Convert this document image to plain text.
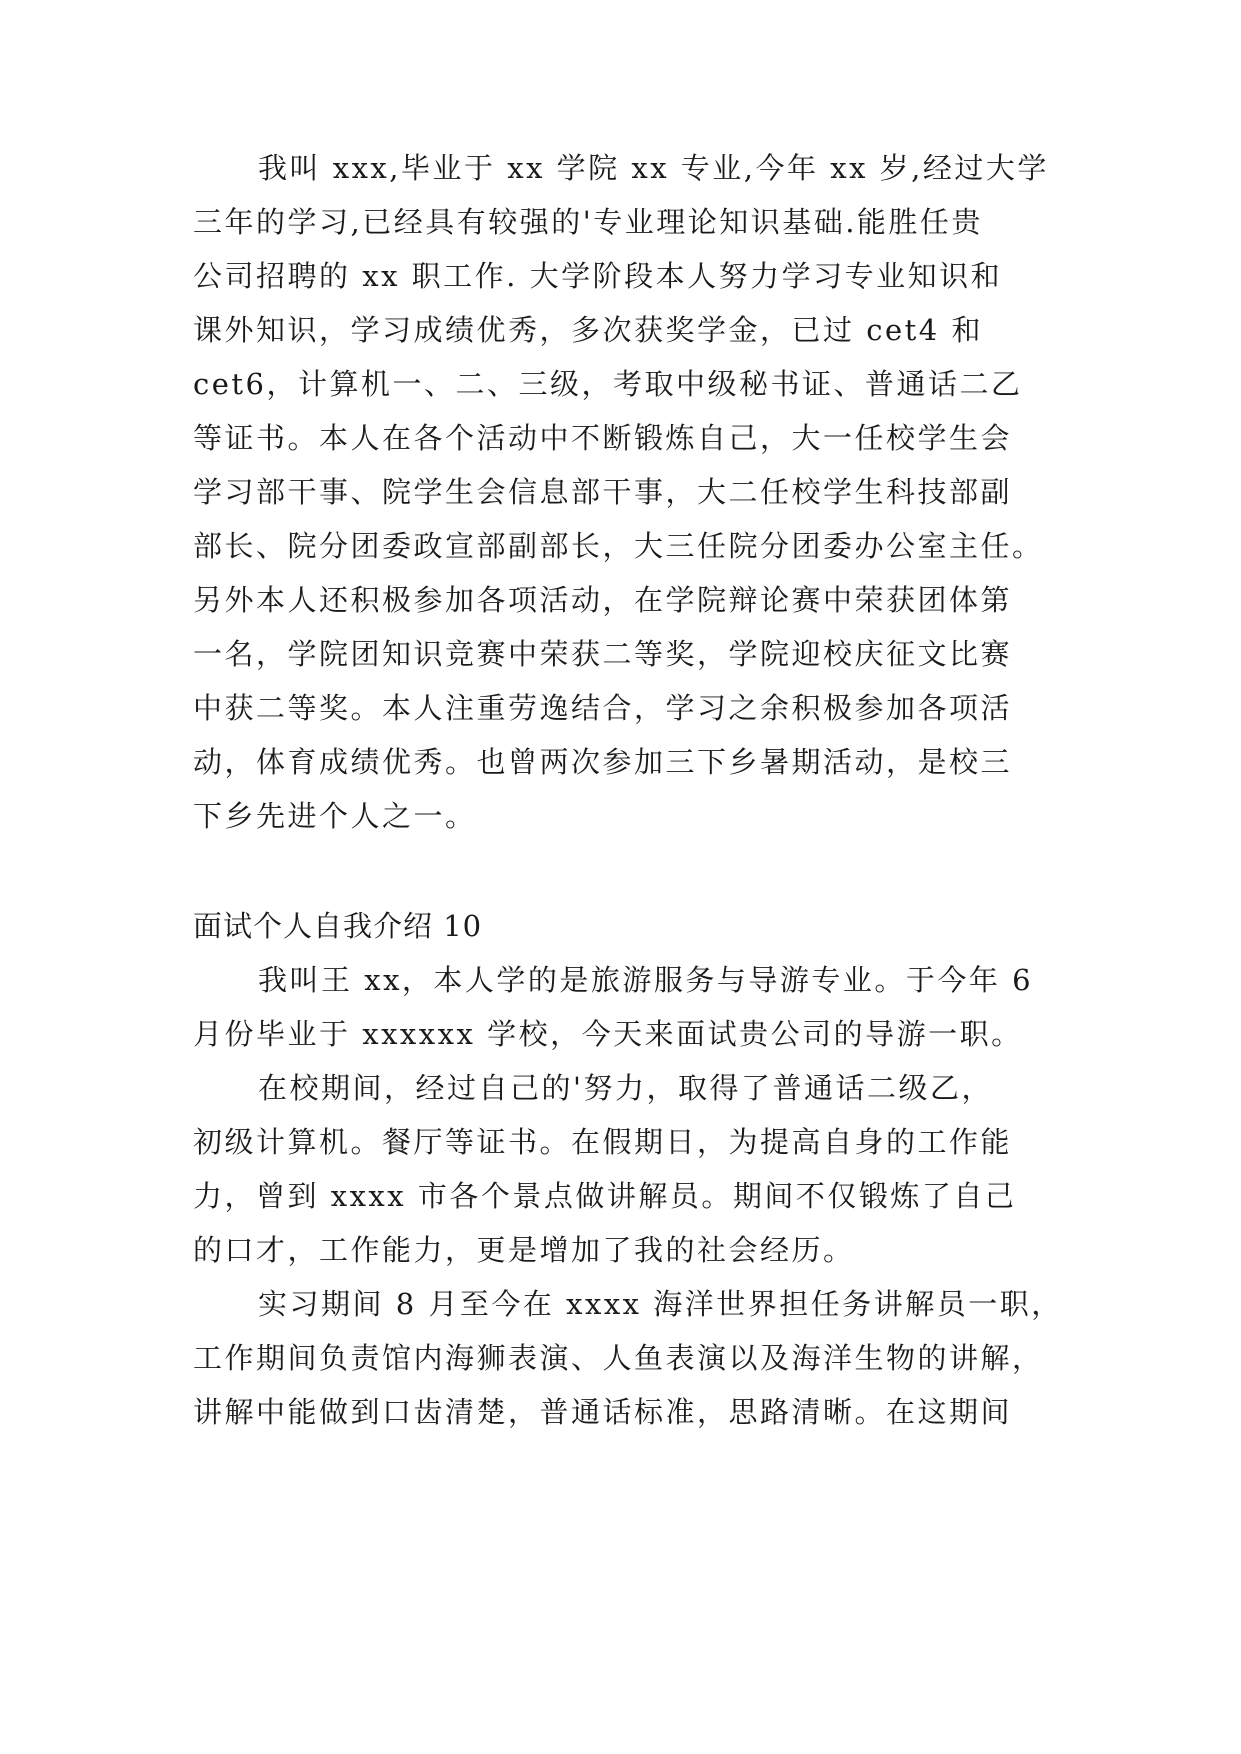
我叫 xxx,毕业于 xx 学院 xx 专业,今年 xx 岁,经过大学
三年的学习,已经具有较强的'专业理论知识基础.能胜任贵
公司招聘的 xx 职工作. 大学阶段本人努力学习专业知识和
课外知识，学习成绩优秀，多次获奖学金，已过 cet4 和
cet6，计算机一、二、三级，考取中级秘书证、普通话二乙
等证书。本人在各个活动中不断锻炼自己，大一任校学生会
学习部干事、院学生会信息部干事，大二任校学生科技部副
部长、院分团委政宣部副部长，大三任院分团委办公室主任。
另外本人还积极参加各项活动，在学院辩论赛中荣获团体第
一名，学院团知识竞赛中荣获二等奖，学院迎校庆征文比赛
中获二等奖。本人注重劳逸结合，学习之余积极参加各项活
动，体育成绩优秀。也曾两次参加三下乡暑期活动，是校三
下乡先进个人之一。
面试个人自我介绍 10
我叫王 xx，本人学的是旅游服务与导游专业。于今年 6
月份毕业于 xxxxxx 学校，今天来面试贵公司的导游一职。
在校期间，经过自己的'努力，取得了普通话二级乙，
初级计算机。餐厅等证书。在假期日，为提高自身的工作能
力，曾到 xxxx 市各个景点做讲解员。期间不仅锻炼了自己
的口才，工作能力，更是增加了我的社会经历。
实习期间 8 月至今在 xxxx 海洋世界担任务讲解员一职，
工作期间负责馆内海狮表演、人鱼表演以及海洋生物的讲解，
讲解中能做到口齿清楚，普通话标准，思路清晰。在这期间
